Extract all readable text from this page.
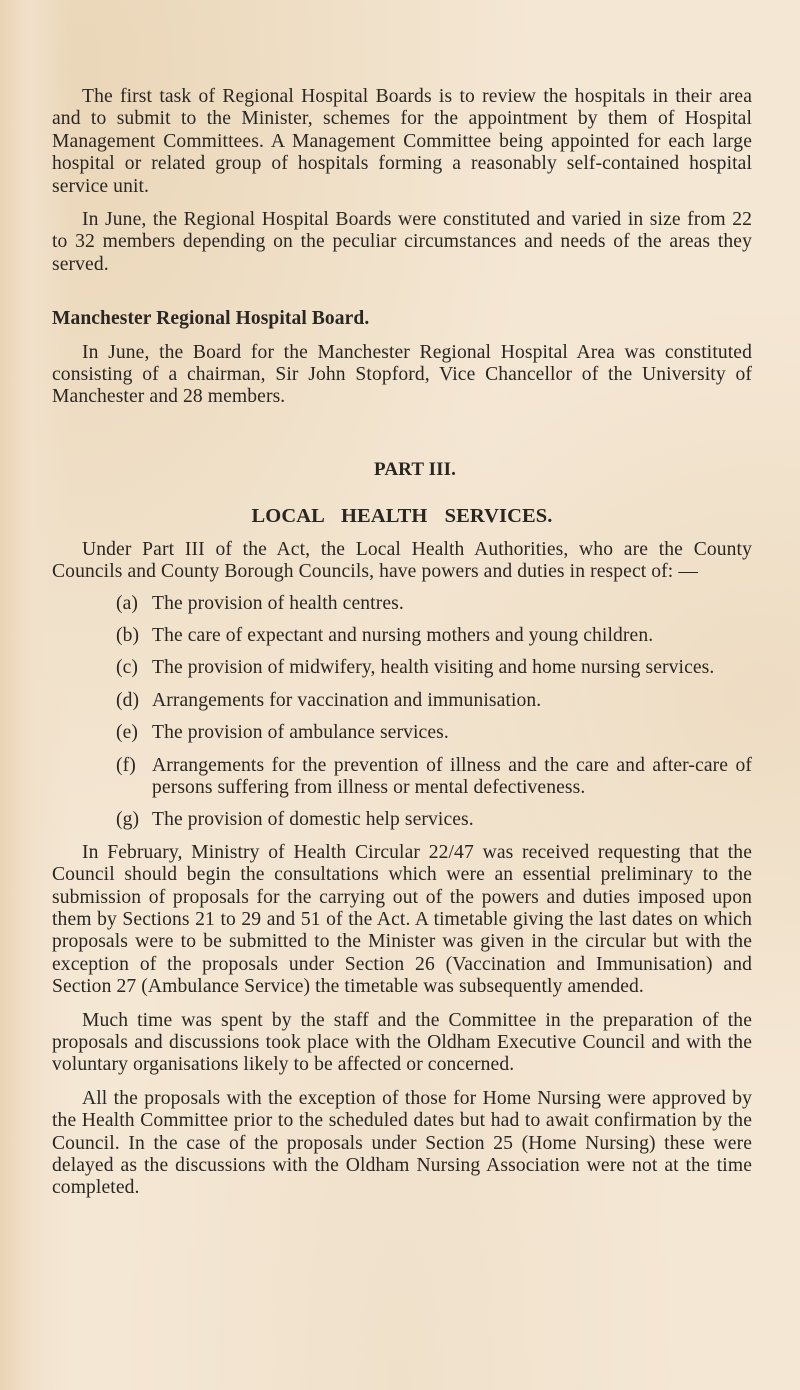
The first task of Regional Hospital Boards is to review the hospitals in their area and to submit to the Minister, schemes for the appointment by them of Hospital Management Committees. A Management Committee being appointed for each large hospital or related group of hospitals forming a reasonably self-contained hospital service unit.

In June, the Regional Hospital Boards were constituted and varied in size from 22 to 32 members depending on the peculiar circumstances and needs of the areas they served.

Manchester Regional Hospital Board.

In June, the Board for the Manchester Regional Hospital Area was constituted consisting of a chairman, Sir John Stopford, Vice Chancellor of the University of Manchester and 28 members.

PART III.
LOCAL HEALTH SERVICES.

Under Part III of the Act, the Local Health Authorities, who are the County Councils and County Borough Councils, have powers and duties in respect of: —

(a) The provision of health centres.
(b) The care of expectant and nursing mothers and young children.
(c) The provision of midwifery, health visiting and home nursing services.
(d) Arrangements for vaccination and immunisation.
(e) The provision of ambulance services.
(f) Arrangements for the prevention of illness and the care and after-care of persons suffering from illness or mental defectiveness.
(g) The provision of domestic help services.

In February, Ministry of Health Circular 22/47 was received requesting that the Council should begin the consultations which were an essential preliminary to the submission of proposals for the carrying out of the powers and duties imposed upon them by Sections 21 to 29 and 51 of the Act. A timetable giving the last dates on which proposals were to be submitted to the Minister was given in the circular but with the exception of the proposals under Section 26 (Vaccination and Immunisation) and Section 27 (Ambulance Service) the timetable was subsequently amended.

Much time was spent by the staff and the Committee in the preparation of the proposals and discussions took place with the Oldham Executive Council and with the voluntary organisations likely to be affected or concerned.

All the proposals with the exception of those for Home Nursing were approved by the Health Committee prior to the scheduled dates but had to await confirmation by the Council. In the case of the proposals under Section 25 (Home Nursing) these were delayed as the discussions with the Oldham Nursing Association were not at the time completed.
